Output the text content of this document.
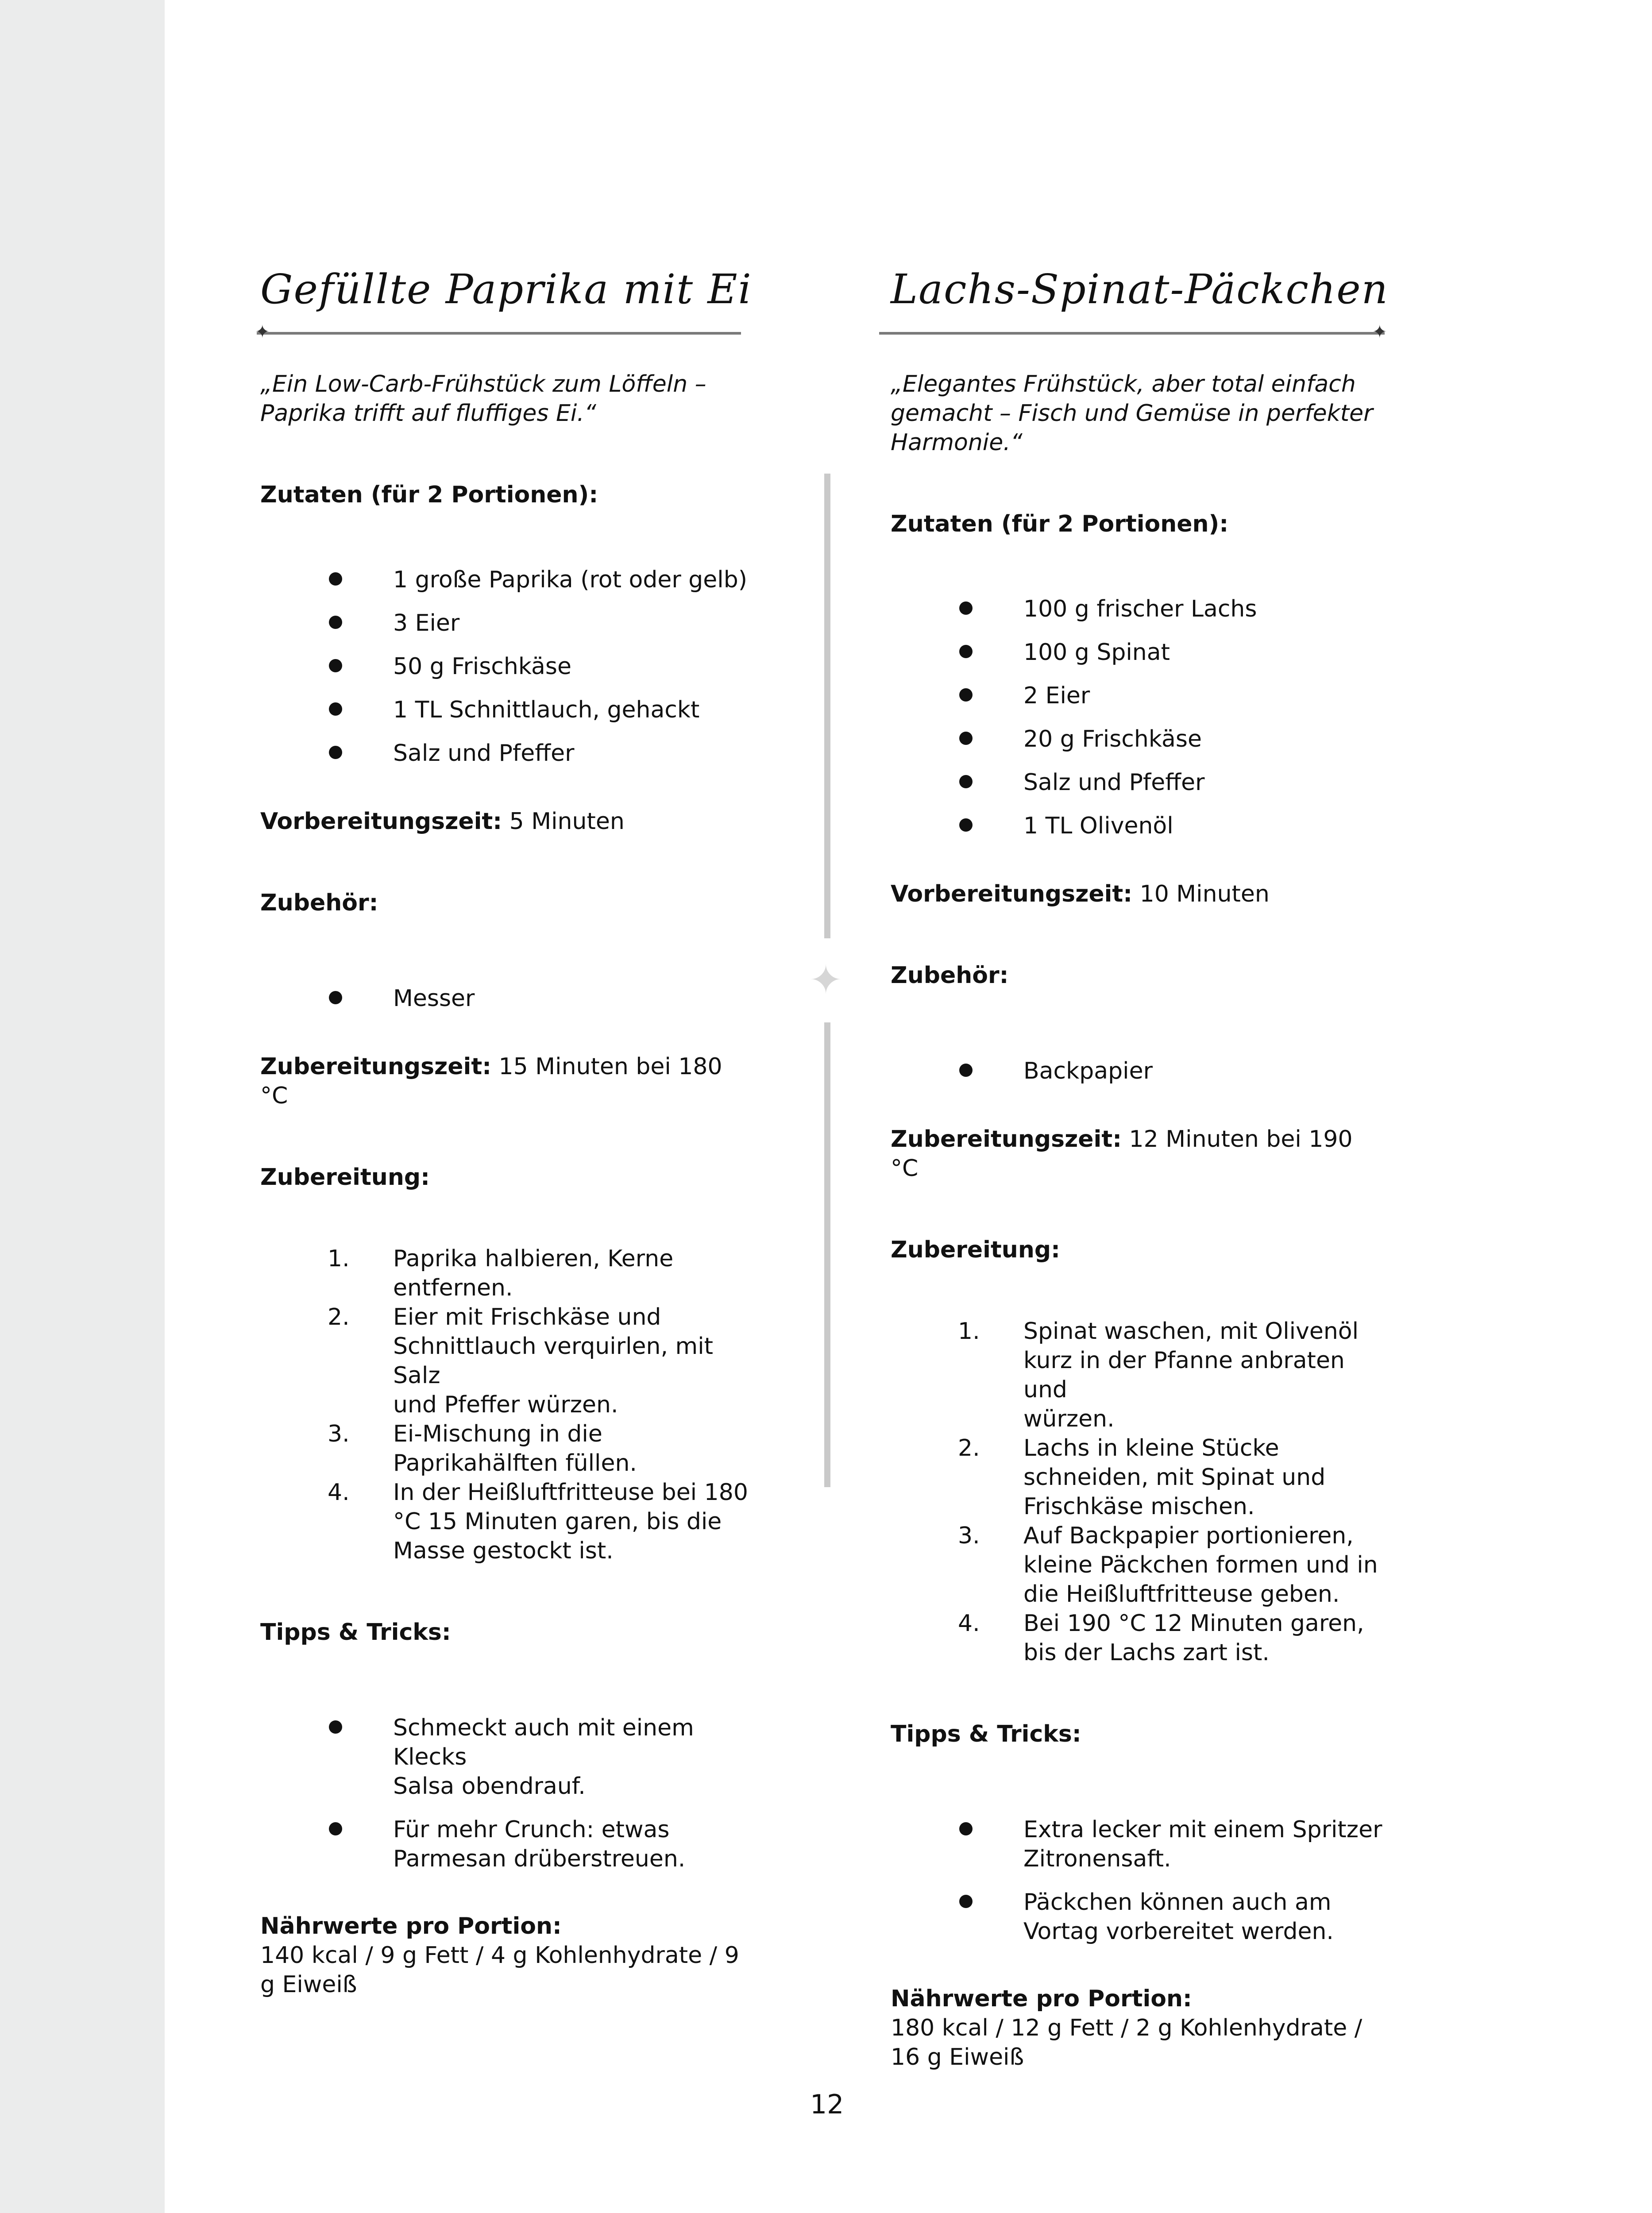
Gefüllte Paprika mit Ei
✦
„Ein Low-Carb-Frühstück zum Löffeln –
Paprika trifft auf fluffiges Ei.“
Zutaten (für 2 Portionen):
1 große Paprika (rot oder gelb)
3 Eier
50 g Frischkäse
1 TL Schnittlauch, gehackt
Salz und Pfeffer
Vorbereitungszeit: 5 Minuten
Zubehör:
Messer
Zubereitungszeit: 15 Minuten bei 180 °C
Zubereitung:
1. Paprika halbieren, Kerne
entfernen.
2. Eier mit Frischkäse und
Schnittlauch verquirlen, mit Salz
und Pfeffer würzen.
3. Ei-Mischung in die
Paprikahälften füllen.
4. In der Heißluftfritteuse bei 180
°C 15 Minuten garen, bis die
Masse gestockt ist.
Tipps & Tricks:
Schmeckt auch mit einem Klecks
Salsa obendrauf.
Für mehr Crunch: etwas
Parmesan drüberstreuen.
Nährwerte pro Portion:
140 kcal / 9 g Fett / 4 g Kohlenhydrate / 9
g Eiweiß
✦
Lachs-Spinat-Päckchen
✦
„Elegantes Frühstück, aber total einfach
gemacht – Fisch und Gemüse in perfekter
Harmonie.“
Zutaten (für 2 Portionen):
100 g frischer Lachs
100 g Spinat
2 Eier
20 g Frischkäse
Salz und Pfeffer
1 TL Olivenöl
Vorbereitungszeit: 10 Minuten
Zubehör:
Backpapier
Zubereitungszeit: 12 Minuten bei 190 °C
Zubereitung:
1. Spinat waschen, mit Olivenöl
kurz in der Pfanne anbraten und
würzen.
2. Lachs in kleine Stücke
schneiden, mit Spinat und
Frischkäse mischen.
3. Auf Backpapier portionieren,
kleine Päckchen formen und in
die Heißluftfritteuse geben.
4. Bei 190 °C 12 Minuten garen,
bis der Lachs zart ist.
Tipps & Tricks:
Extra lecker mit einem Spritzer
Zitronensaft.
Päckchen können auch am
Vortag vorbereitet werden.
Nährwerte pro Portion:
180 kcal / 12 g Fett / 2 g Kohlenhydrate /
16 g Eiweiß
12
